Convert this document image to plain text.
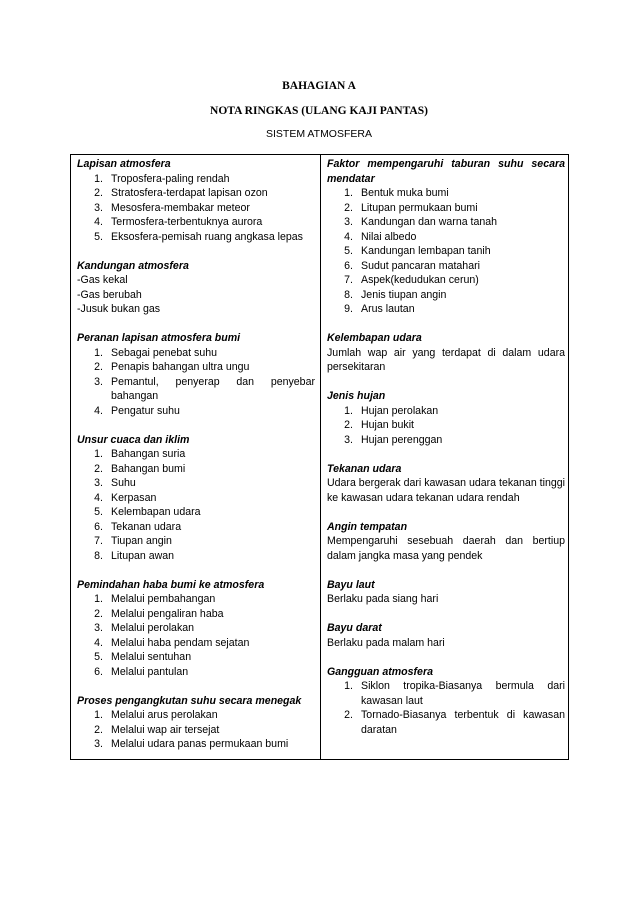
BAHAGIAN A
NOTA RINGKAS (ULANG KAJI PANTAS)
SISTEM ATMOSFERA
Lapisan atmosfera
1. Troposfera-paling rendah
2. Stratosfera-terdapat lapisan ozon
3. Mesosfera-membakar meteor
4. Termosfera-terbentuknya aurora
5. Eksosfera-pemisah ruang angkasa lepas
Kandungan atmosfera
-Gas kekal
-Gas berubah
-Jusuk bukan gas
Peranan lapisan atmosfera bumi
1. Sebagai penebat suhu
2. Penapis bahangan ultra ungu
3. Pemantul, penyerap dan penyebar bahangan
4. Pengatur suhu
Unsur cuaca dan iklim
1. Bahangan suria
2. Bahangan bumi
3. Suhu
4. Kerpasan
5. Kelembapan udara
6. Tekanan udara
7. Tiupan angin
8. Litupan awan
Pemindahan haba bumi ke atmosfera
1. Melalui pembahangan
2. Melalui pengaliran haba
3. Melalui perolakan
4. Melalui haba pendam sejatan
5. Melalui sentuhan
6. Melalui pantulan
Proses pengangkutan suhu secara menegak
1. Melalui arus perolakan
2. Melalui wap air tersejat
3. Melalui udara panas permukaan bumi
Faktor mempengaruhi taburan suhu secara mendatar
1. Bentuk muka bumi
2. Litupan permukaan bumi
3. Kandungan dan warna tanah
4. Nilai albedo
5. Kandungan lembapan tanih
6. Sudut pancaran matahari
7. Aspek(kedudukan cerun)
8. Jenis tiupan angin
9. Arus lautan
Kelembapan udara
Jumlah wap air yang terdapat di dalam udara persekitaran
Jenis hujan
1. Hujan perolakan
2. Hujan bukit
3. Hujan perenggan
Tekanan udara
Udara bergerak dari kawasan udara tekanan tinggi ke kawasan udara tekanan udara rendah
Angin tempatan
Mempengaruhi sesebuah daerah dan bertiup dalam jangka masa yang pendek
Bayu laut
Berlaku pada siang hari
Bayu darat
Berlaku pada malam hari
Gangguan atmosfera
1. Siklon tropika-Biasanya bermula dari kawasan laut
2. Tornado-Biasanya terbentuk di kawasan daratan
